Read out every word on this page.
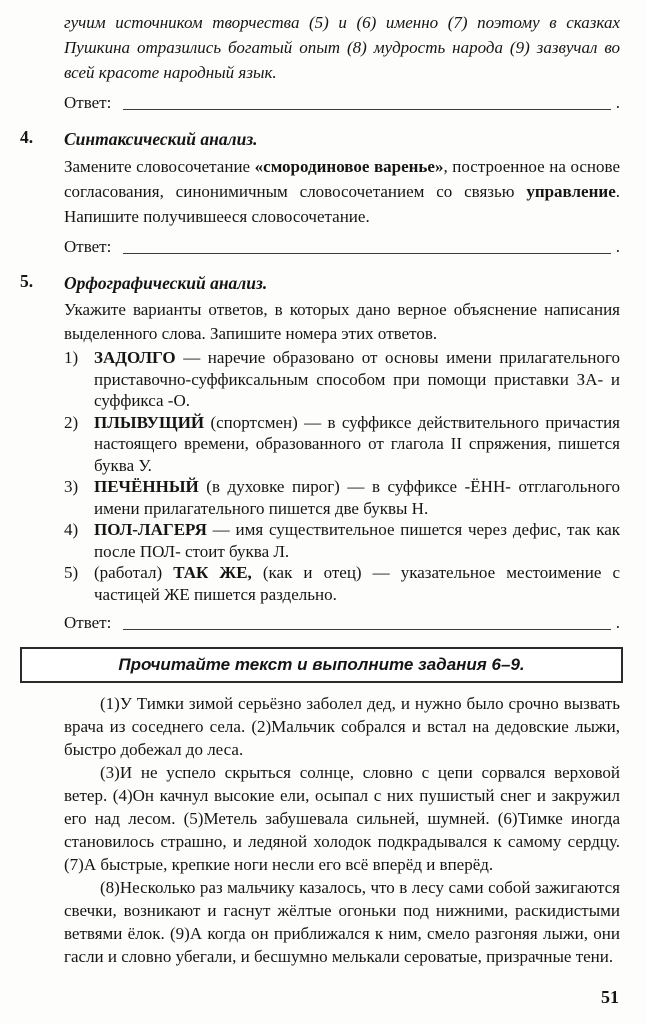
гучим источником творчества (5) и (6) именно (7) поэтому в сказках Пушкина отразились богатый опыт (8) мудрость народа (9) зазвучал во всей красоте народный язык.
Ответ:	.
4. Синтаксический анализ.
Замените словосочетание «смородиновое варенье», построенное на основе согласования, синонимичным словосочетанием со связью управление. Напишите получившееся словосочетание.
Ответ:	.
5. Орфографический анализ.
Укажите варианты ответов, в которых дано верное объяснение написания выделенного слова. Запишите номера этих ответов.
1) ЗАДОЛГО — наречие образовано от основы имени прилагательного приставочно-суффиксальным способом при помощи приставки ЗА- и суффикса -О.
2) ПЛЫВУЩИЙ (спортсмен) — в суффиксе действительного причастия настоящего времени, образованного от глагола II спряжения, пишется буква У.
3) ПЕЧЁННЫЙ (в духовке пирог) — в суффиксе -ЁНН- отглагольного имени прилагательного пишется две буквы Н.
4) ПОЛ-ЛАГЕРЯ — имя существительное пишется через дефис, так как после ПОЛ- стоит буква Л.
5) (работал) ТАК ЖЕ, (как и отец) — указательное местоимение с частицей ЖЕ пишется раздельно.
Ответ:	.
Прочитайте текст и выполните задания 6–9.

(1)У Тимки зимой серьёзно заболел дед, и нужно было срочно вызвать врача из соседнего села. (2)Мальчик собрался и встал на дедовские лыжи, быстро добежал до леса.

(3)И не успело скрыться солнце, словно с цепи сорвался верховой ветер. (4)Он качнул высокие ели, осыпал с них пушистый снег и закружил его над лесом. (5)Метель забушевала сильней, шумней. (6)Тимке иногда становилось страшно, и ледяной холодок подкрадывался к самому сердцу. (7)А быстрые, крепкие ноги несли его всё вперёд и вперёд.

(8)Несколько раз мальчику казалось, что в лесу сами собой зажигаются свечки, возникают и гаснут жёлтые огоньки под нижними, раскидистыми ветвями ёлок. (9)А когда он приближался к ним, смело разгоняя лыжи, они гасли и словно убегали, и бесшумно мелькали сероватые, призрачные тени.

51
